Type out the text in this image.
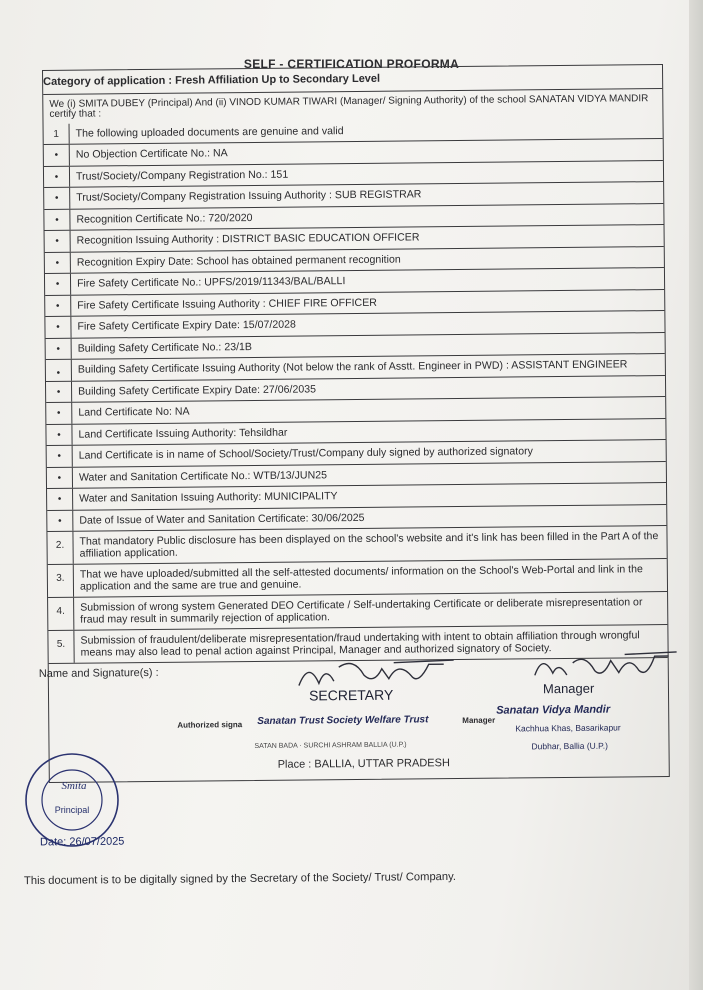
SELF - CERTIFICATION PROFORMA
Category of application : Fresh Affiliation Up to Secondary Level
We (i) SMITA DUBEY (Principal) And (ii) VINOD KUMAR TIWARI (Manager/ Signing Authority) of the school SANATAN VIDYA MANDIR certify that :
1	The following uploaded documents are genuine and valid
•	No Objection Certificate No.: NA
•	Trust/Society/Company Registration No.: 151
•	Trust/Society/Company Registration Issuing Authority : SUB REGISTRAR
•	Recognition Certificate No.: 720/2020
•	Recognition Issuing Authority : DISTRICT BASIC EDUCATION OFFICER
•	Recognition Expiry Date: School has obtained permanent recognition
•	Fire Safety Certificate No.: UPFS/2019/11343/BAL/BALLI
•	Fire Safety Certificate Issuing Authority : CHIEF FIRE OFFICER
•	Fire Safety Certificate Expiry Date: 15/07/2028
•	Building Safety Certificate No.: 23/1B
•	Building Safety Certificate Issuing Authority (Not below the rank of Asstt. Engineer in PWD) : ASSISTANT ENGINEER
•	Building Safety Certificate Expiry Date: 27/06/2035
•	Land Certificate No: NA
•	Land Certificate Issuing Authority: Tehsildhar
•	Land Certificate is in name of School/Society/Trust/Company duly signed by authorized signatory
•	Water and Sanitation Certificate No.: WTB/13/JUN25
•	Water and Sanitation Issuing Authority: MUNICIPALITY
•	Date of Issue of Water and Sanitation Certificate: 30/06/2025
2.	That mandatory Public disclosure has been displayed on the school's website and it's link has been filled in the Part A of the affiliation application.
3.	That we have uploaded/submitted all the self-attested documents/ information on the School's Web-Portal and link in the application and the same are true and genuine.
4.	Submission of wrong system Generated DEO Certificate / Self-undertaking Certificate or deliberate misrepresentation or fraud may result in summarily rejection of application.
5.	Submission of fraudulent/deliberate misrepresentation/fraud undertaking with intent to obtain affiliation through wrongful means may also lead to penal action against Principal, Manager and authorized signatory of Society.
Name and Signature(s) :
SECRETARY	Manager
Authorized signa Sanatan Trust Society Welfare Trust	Manager
Sanatan Vidya Mandir
Kachhua Khas, Basarikapur
Dubhar, Ballia (U.P.)
SATAN BADA · SURCHI ASHRAM BALLIA (U.P.)
Place : BALLIA, UTTAR PRADESH
Principal
Smita
Date: 26/07/2025
This document is to be digitally signed by the Secretary of the Society/ Trust/ Company.
